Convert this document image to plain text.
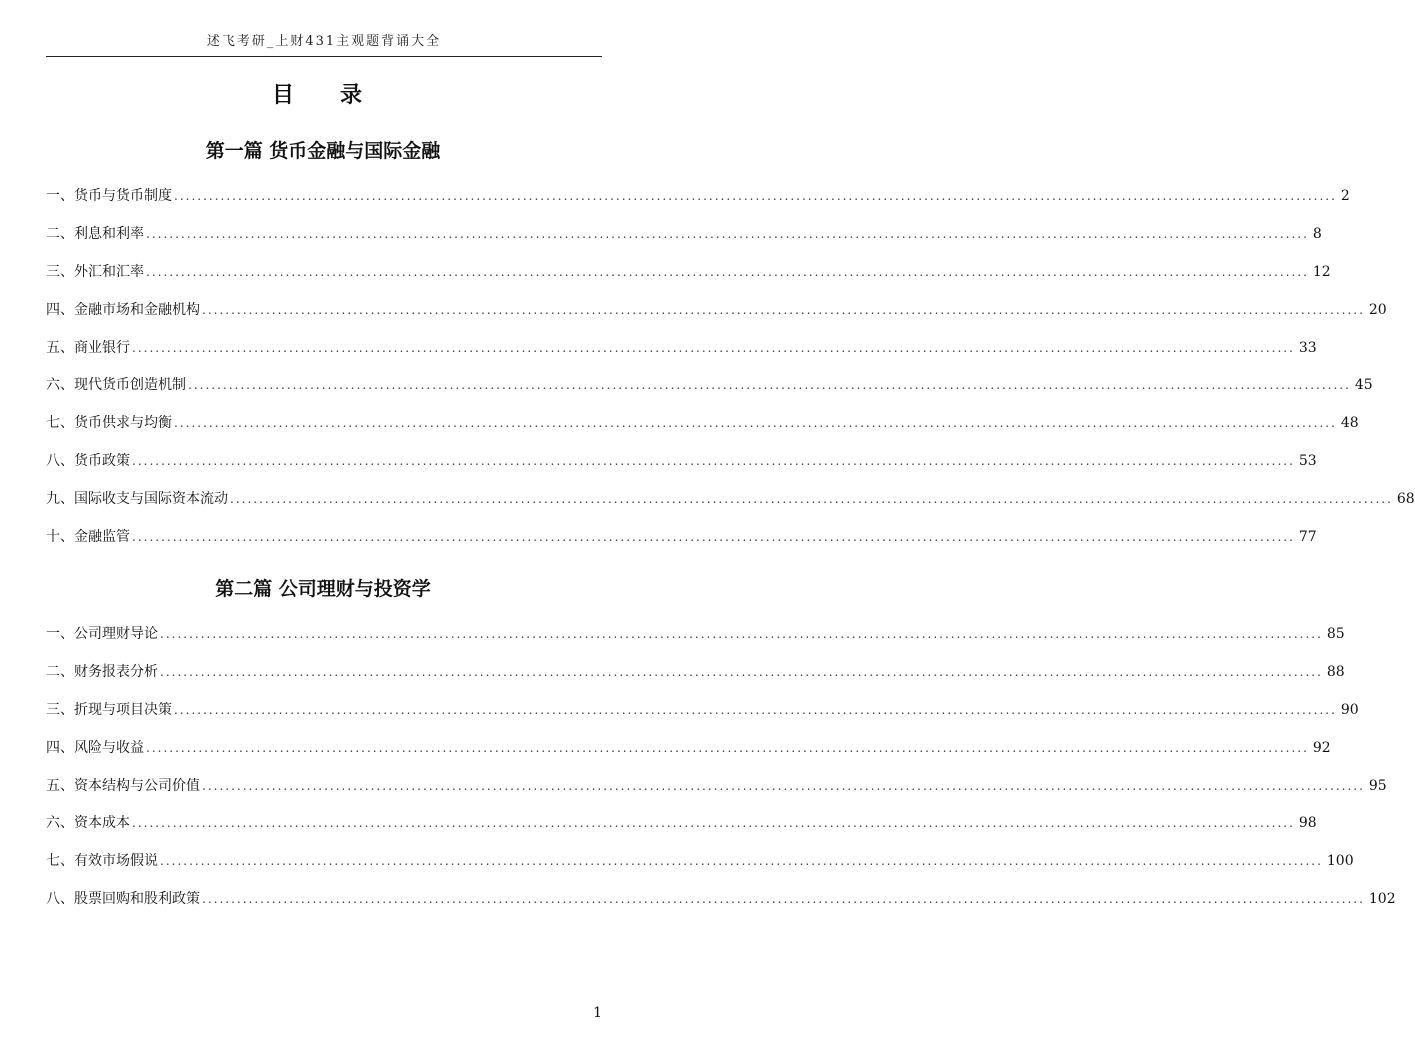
述飞考研_上财431主观题背诵大全
目　录
第一篇 货币金融与国际金融
一、货币与货币制度 ........................................................................................................................................................................................................ 2
二、利息和利率 ........................................................................................................................................................................................................ 8
三、外汇和汇率 ........................................................................................................................................................................................................ 12
四、金融市场和金融机构 ........................................................................................................................................................................................................ 20
五、商业银行 ........................................................................................................................................................................................................ 33
六、现代货币创造机制 ........................................................................................................................................................................................................ 45
七、货币供求与均衡 ........................................................................................................................................................................................................ 48
八、货币政策 ........................................................................................................................................................................................................ 53
九、国际收支与国际资本流动 ........................................................................................................................................................................................................ 68
十、金融监管 ........................................................................................................................................................................................................ 77
第二篇 公司理财与投资学
一、公司理财导论 ........................................................................................................................................................................................................ 85
二、财务报表分析 ........................................................................................................................................................................................................ 88
三、折现与项目决策 ........................................................................................................................................................................................................ 90
四、风险与收益 ........................................................................................................................................................................................................ 92
五、资本结构与公司价值 ........................................................................................................................................................................................................ 95
六、资本成本 ........................................................................................................................................................................................................ 98
七、有效市场假说 ........................................................................................................................................................................................................ 100
八、股票回购和股利政策 ........................................................................................................................................................................................................ 102
1
